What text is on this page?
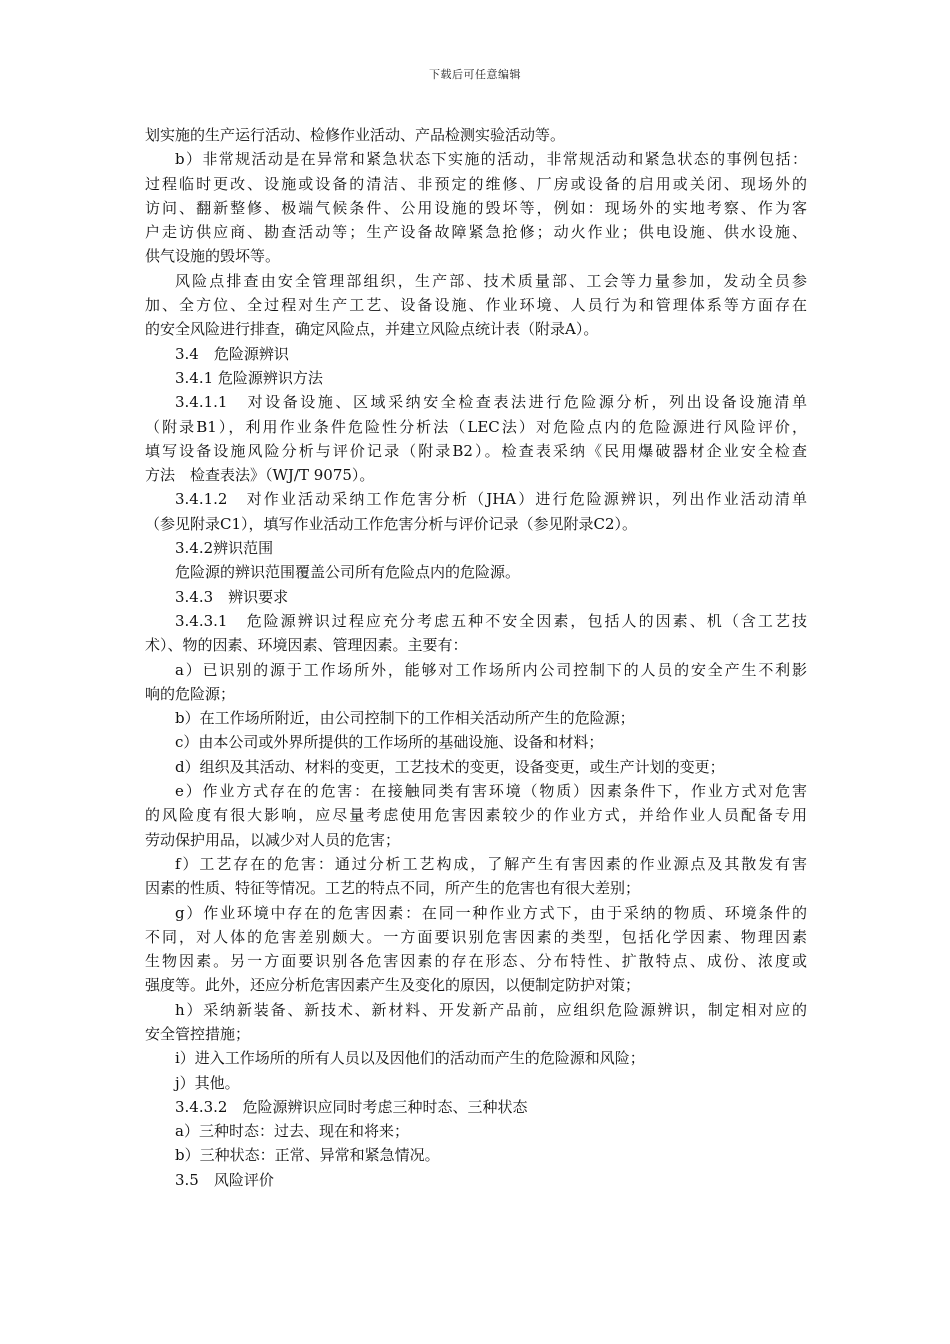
下载后可任意编辑
划实施的生产运行活动、检修作业活动、产品检测实验活动等。
b）非常规活动是在异常和紧急状态下实施的活动，非常规活动和紧急状态的事例包括：
过程临时更改、设施或设备的清洁、非预定的维修、厂房或设备的启用或关闭、现场外的
访问、翻新整修、极端气候条件、公用设施的毁坏等，例如：现场外的实地考察、作为客
户走访供应商、勘查活动等；生产设备故障紧急抢修；动火作业；供电设施、供水设施、
供气设施的毁坏等。
风险点排查由安全管理部组织，生产部、技术质量部、工会等力量参加，发动全员参
加、全方位、全过程对生产工艺、设备设施、作业环境、人员行为和管理体系等方面存在
的安全风险进行排查，确定风险点，并建立风险点统计表（附录A）。
3.4　危险源辨识
3.4.1 危险源辨识方法
3.4.1.1　对设备设施、区域采纳安全检查表法进行危险源分析，列出设备设施清单
（附录B1），利用作业条件危险性分析法（LEC法）对危险点内的危险源进行风险评价，
填写设备设施风险分析与评价记录（附录B2）。检查表采纳《民用爆破器材企业安全检查
方法　检查表法》（WJ/T 9075）。
3.4.1.2　对作业活动采纳工作危害分析（JHA）进行危险源辨识，列出作业活动清单
（参见附录C1），填写作业活动工作危害分析与评价记录（参见附录C2）。
3.4.2辨识范围
危险源的辨识范围覆盖公司所有危险点内的危险源。
3.4.3　辨识要求
3.4.3.1　危险源辨识过程应充分考虑五种不安全因素，包括人的因素、机（含工艺技
术）、物的因素、环境因素、管理因素。主要有：
a）已识别的源于工作场所外，能够对工作场所内公司控制下的人员的安全产生不利影
响的危险源；
b）在工作场所附近，由公司控制下的工作相关活动所产生的危险源；
c）由本公司或外界所提供的工作场所的基础设施、设备和材料；
d）组织及其活动、材料的变更，工艺技术的变更，设备变更，或生产计划的变更；
e）作业方式存在的危害：在接触同类有害环境（物质）因素条件下，作业方式对危害
的风险度有很大影响，应尽量考虑使用危害因素较少的作业方式，并给作业人员配备专用
劳动保护用品，以减少对人员的危害；
f）工艺存在的危害：通过分析工艺构成，了解产生有害因素的作业源点及其散发有害
因素的性质、特征等情况。工艺的特点不同，所产生的危害也有很大差别；
g）作业环境中存在的危害因素：在同一种作业方式下，由于采纳的物质、环境条件的
不同，对人体的危害差别颇大。一方面要识别危害因素的类型，包括化学因素、物理因素
生物因素。另一方面要识别各危害因素的存在形态、分布特性、扩散特点、成份、浓度或
强度等。此外，还应分析危害因素产生及变化的原因，以便制定防护对策；
h）采纳新装备、新技术、新材料、开发新产品前，应组织危险源辨识，制定相对应的
安全管控措施；
i）进入工作场所的所有人员以及因他们的活动而产生的危险源和风险；
j）其他。
3.4.3.2　危险源辨识应同时考虑三种时态、三种状态
a）三种时态：过去、现在和将来；
b）三种状态：正常、异常和紧急情况。
3.5　风险评价
